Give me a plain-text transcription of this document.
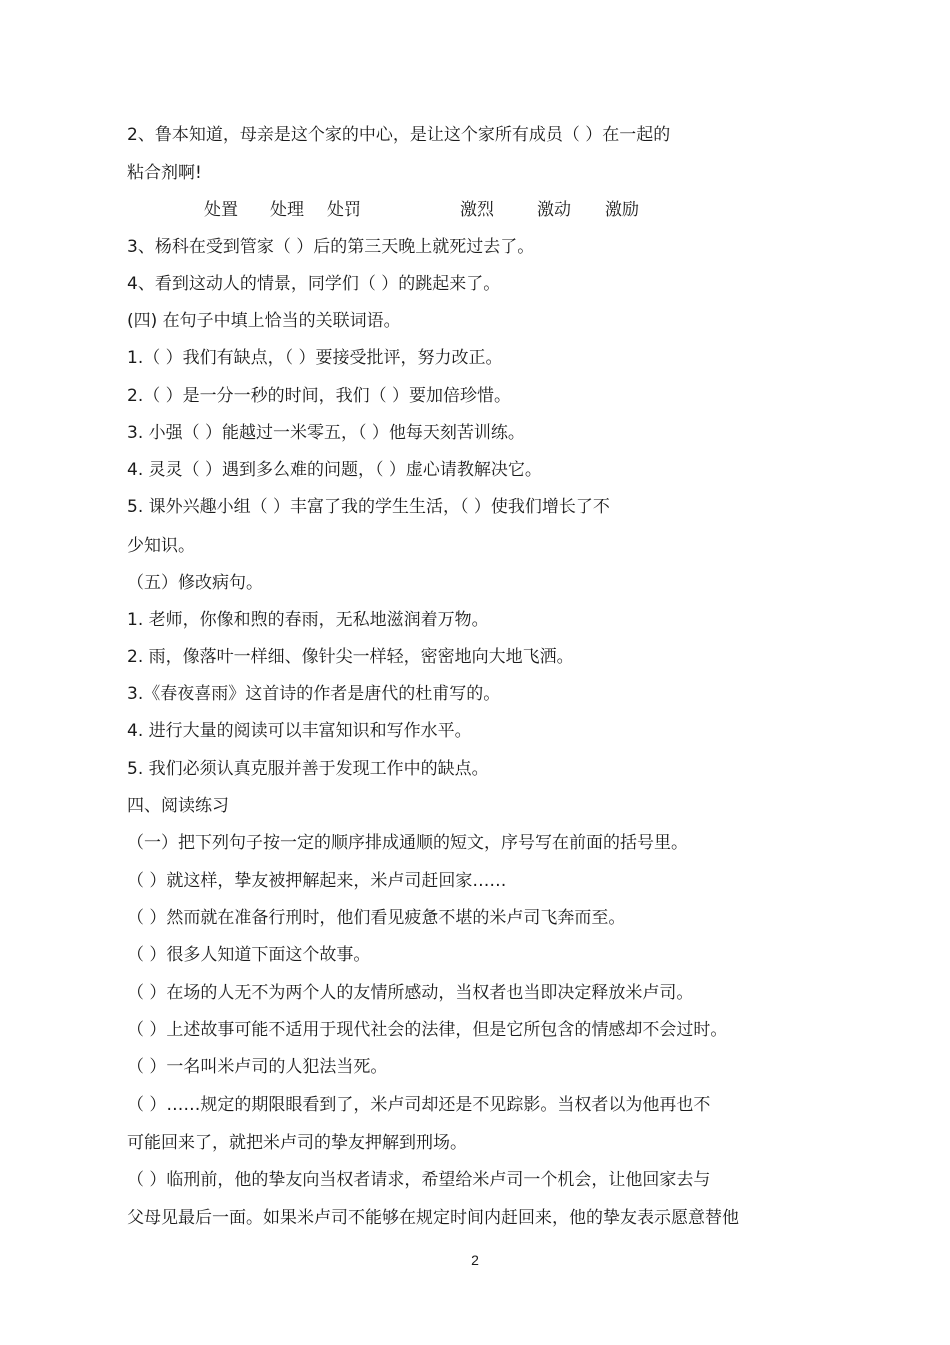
2、鲁本知道，母亲是这个家的中心，是让这个家所有成员（ ）在一起的

粘合剂啊!

处置 处理 处罚	激烈	激动 激励

3、杨科在受到管家（ ）后的第三天晚上就死过去了。

4、看到这动人的情景，同学们（ ）的跳起来了。

(四) 在句子中填上恰当的关联词语。

1.（ ）我们有缺点，（ ）要接受批评，努力改正。

2.（ ）是一分一秒的时间，我们（ ）要加倍珍惜。

3. 小强（ ）能越过一米零五，（ ）他每天刻苦训练。

4. 灵灵（ ）遇到多么难的问题，（ ）虚心请教解决它。

5. 课外兴趣小组（ ）丰富了我的学生生活，（ ）使我们增长了不

少知识。

（五）修改病句。

1. 老师，你像和煦的春雨，无私地滋润着万物。

2. 雨，像落叶一样细、像针尖一样轻，密密地向大地飞洒。

3.《春夜喜雨》这首诗的作者是唐代的杜甫写的。

4. 进行大量的阅读可以丰富知识和写作水平。

5. 我们必须认真克服并善于发现工作中的缺点。

四、阅读练习

（一）把下列句子按一定的顺序排成通顺的短文，序号写在前面的括号里。

（ ）就这样，挚友被押解起来，米卢司赶回家……

（ ）然而就在准备行刑时，他们看见疲惫不堪的米卢司飞奔而至。

（ ）很多人知道下面这个故事。

（ ）在场的人无不为两个人的友情所感动，当权者也当即决定释放米卢司。

（ ）上述故事可能不适用于现代社会的法律，但是它所包含的情感却不会过时。

（ ）一名叫米卢司的人犯法当死。

（ ）……规定的期限眼看到了，米卢司却还是不见踪影。当权者以为他再也不

可能回来了，就把米卢司的挚友押解到刑场。

（ ）临刑前，他的挚友向当权者请求，希望给米卢司一个机会，让他回家去与

父母见最后一面。如果米卢司不能够在规定时间内赶回来，他的挚友表示愿意替他

2
